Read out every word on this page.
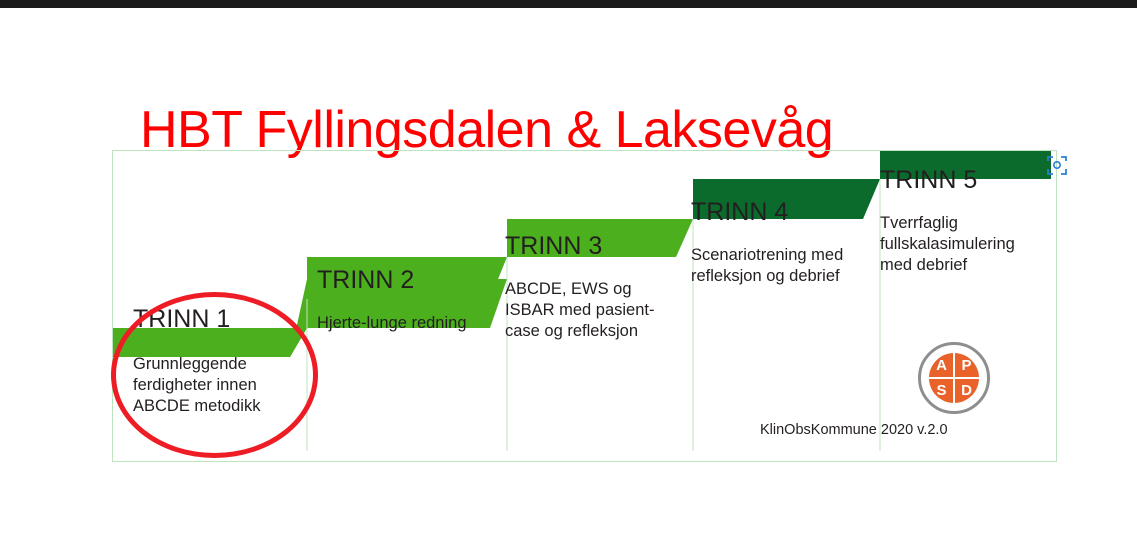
HBT Fyllingsdalen & Laksevåg
TRINN 1
Grunnleggende ferdigheter innen ABCDE metodikk
TRINN 2
Hjerte-lunge redning
TRINN 3
ABCDE, EWS og ISBAR med pasient-case og refleksjon
TRINN 4
Scenariotrening med refleksjon og debrief
TRINN 5
Tverrfaglig fullskalasimulering med debrief
A P
S D
KlinObsKommune 2020 v.2.0
